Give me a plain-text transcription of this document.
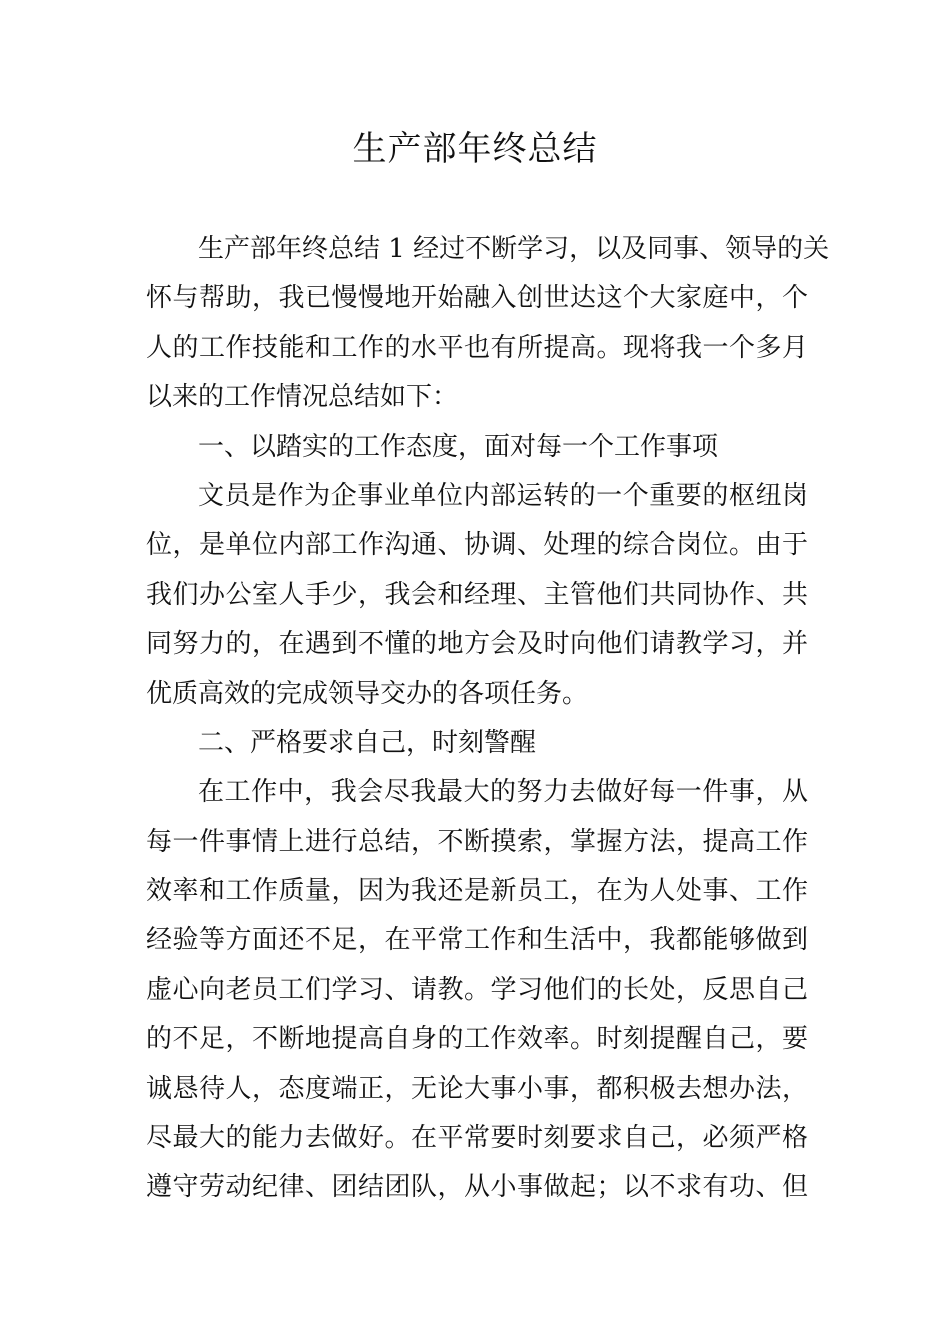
生产部年终总结
生产部年终总结 1 经过不断学习，以及同事、领导的关
怀与帮助，我已慢慢地开始融入创世达这个大家庭中，个
人的工作技能和工作的水平也有所提高。现将我一个多月
以来的工作情况总结如下：
一、以踏实的工作态度，面对每一个工作事项
文员是作为企事业单位内部运转的一个重要的枢纽岗
位，是单位内部工作沟通、协调、处理的综合岗位。由于
我们办公室人手少，我会和经理、主管他们共同协作、共
同努力的，在遇到不懂的地方会及时向他们请教学习，并
优质高效的完成领导交办的各项任务。
二、严格要求自己，时刻警醒
在工作中，我会尽我最大的努力去做好每一件事，从
每一件事情上进行总结，不断摸索，掌握方法，提高工作
效率和工作质量，因为我还是新员工，在为人处事、工作
经验等方面还不足，在平常工作和生活中，我都能够做到
虚心向老员工们学习、请教。学习他们的长处，反思自己
的不足，不断地提高自身的工作效率。时刻提醒自己，要
诚恳待人，态度端正，无论大事小事，都积极去想办法，
尽最大的能力去做好。在平常要时刻要求自己，必须严格
遵守劳动纪律、团结团队，从小事做起；以不求有功、但
